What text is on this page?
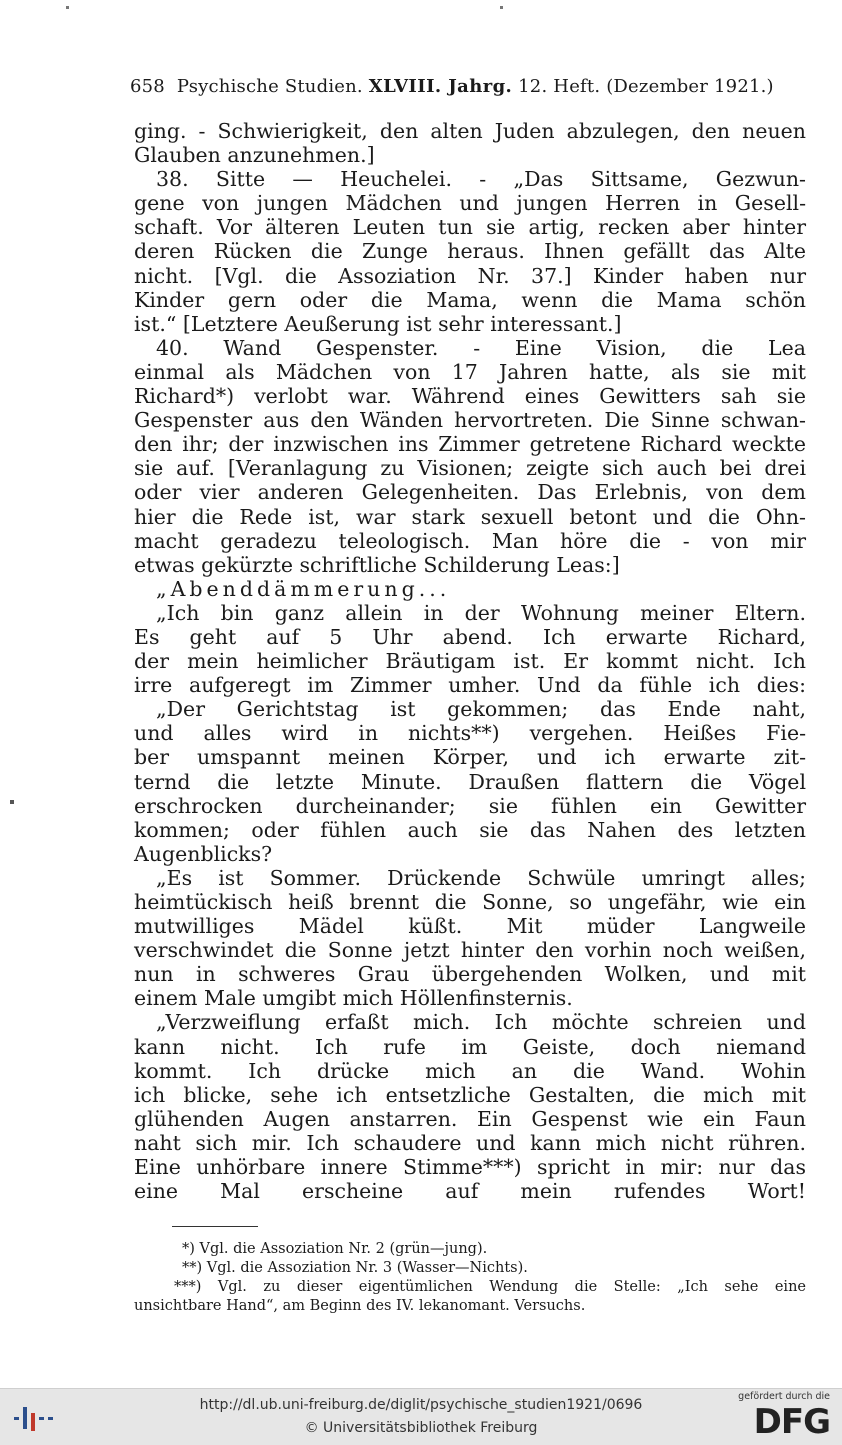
658 Psychische Studien. XLVIII. Jahrg. 12. Heft. (Dezember 1921.)
ging. - Schwierigkeit, den alten Juden abzulegen, den neuen
Glauben anzunehmen.]
38. Sitte — Heuchelei. - „Das Sittsame, Gezwun-
gene von jungen Mädchen und jungen Herren in Gesell-
schaft. Vor älteren Leuten tun sie artig, recken aber hinter
deren Rücken die Zunge heraus. Ihnen gefällt das Alte
nicht. [Vgl. die Assoziation Nr. 37.] Kinder haben nur
Kinder gern oder die Mama, wenn die Mama schön
ist.“ [Letztere Aeußerung ist sehr interessant.]
40. Wand Gespenster. - Eine Vision, die Lea
einmal als Mädchen von 17 Jahren hatte, als sie mit
Richard*) verlobt war. Während eines Gewitters sah sie
Gespenster aus den Wänden hervortreten. Die Sinne schwan-
den ihr; der inzwischen ins Zimmer getretene Richard weckte
sie auf. [Veranlagung zu Visionen; zeigte sich auch bei drei
oder vier anderen Gelegenheiten. Das Erlebnis, von dem
hier die Rede ist, war stark sexuell betont und die Ohn-
macht geradezu teleologisch. Man höre die - von mir
etwas gekürzte schriftliche Schilderung Leas:]
„Abenddämmerung...
„Ich bin ganz allein in der Wohnung meiner Eltern.
Es geht auf 5 Uhr abend. Ich erwarte Richard,
der mein heimlicher Bräutigam ist. Er kommt nicht. Ich
irre aufgeregt im Zimmer umher. Und da fühle ich dies:
„Der Gerichtstag ist gekommen; das Ende naht,
und alles wird in nichts**) vergehen. Heißes Fie-
ber umspannt meinen Körper, und ich erwarte zit-
ternd die letzte Minute. Draußen flattern die Vögel
erschrocken durcheinander; sie fühlen ein Gewitter
kommen; oder fühlen auch sie das Nahen des letzten
Augenblicks?
„Es ist Sommer. Drückende Schwüle umringt alles;
heimtückisch heiß brennt die Sonne, so ungefähr, wie ein
mutwilliges Mädel küßt. Mit müder Langweile
verschwindet die Sonne jetzt hinter den vorhin noch weißen,
nun in schweres Grau übergehenden Wolken, und mit
einem Male umgibt mich Höllenfinsternis.
„Verzweiflung erfaßt mich. Ich möchte schreien und
kann nicht. Ich rufe im Geiste, doch niemand
kommt. Ich drücke mich an die Wand. Wohin
ich blicke, sehe ich entsetzliche Gestalten, die mich mit
glühenden Augen anstarren. Ein Gespenst wie ein Faun
naht sich mir. Ich schaudere und kann mich nicht rühren.
Eine unhörbare innere Stimme***) spricht in mir: nur das
eine Mal erscheine auf mein rufendes Wort!
*) Vgl. die Assoziation Nr. 2 (grün—jung).
**) Vgl. die Assoziation Nr. 3 (Wasser—Nichts).
***) Vgl. zu dieser eigentümlichen Wendung die Stelle: „Ich sehe eine
unsichtbare Hand“, am Beginn des IV. lekanomant. Versuchs.
http://dl.ub.uni-freiburg.de/diglit/psychische_studien1921/0696
© Universitätsbibliothek Freiburg
gefördert durch die
DFG
